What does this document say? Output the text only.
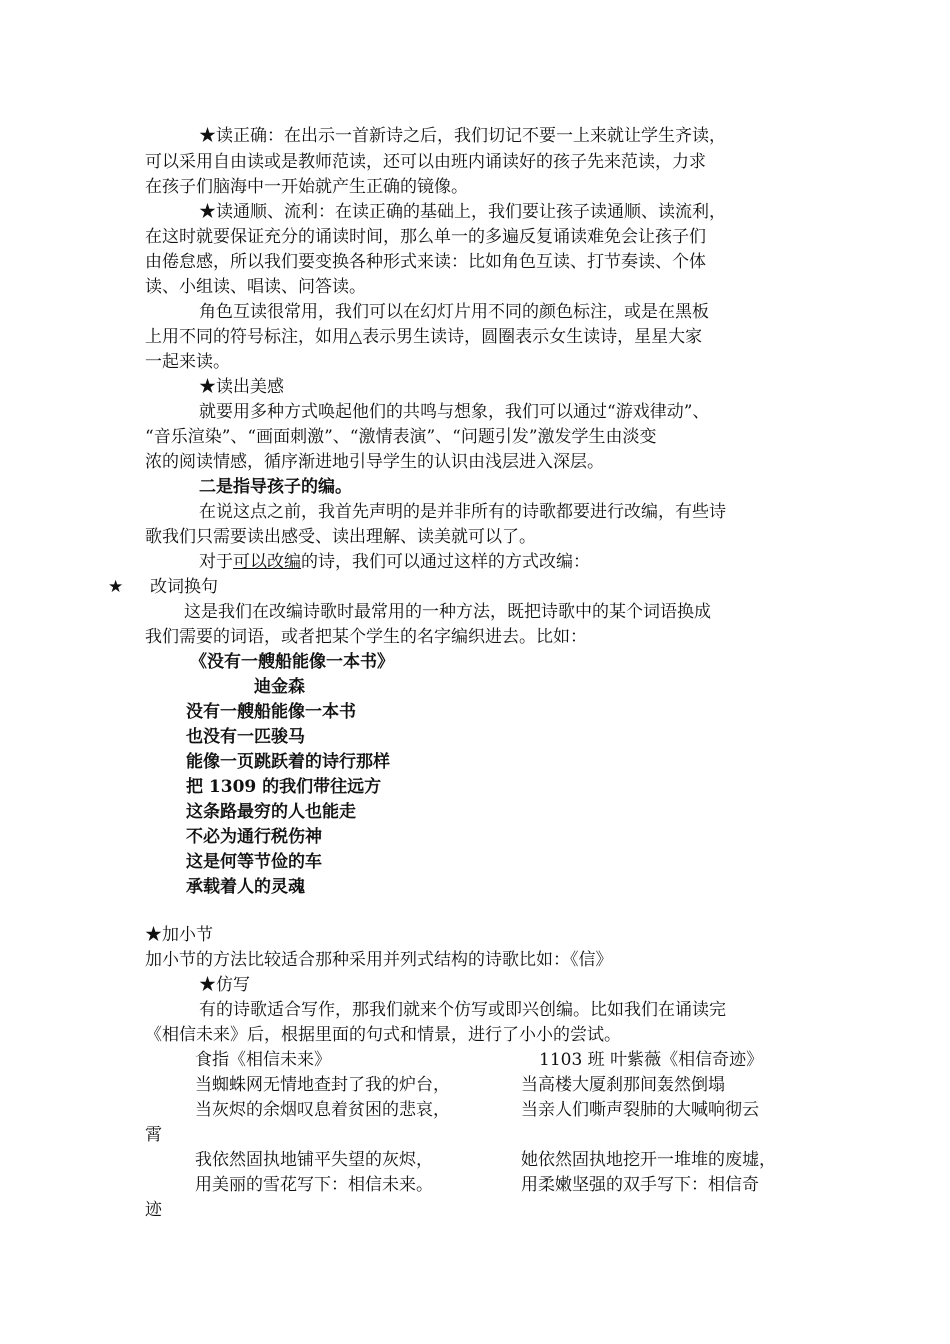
★读正确：在出示一首新诗之后，我们切记不要一上来就让学生齐读，
可以采用自由读或是教师范读，还可以由班内诵读好的孩子先来范读，力求
在孩子们脑海中一开始就产生正确的镜像。
★读通顺、流利：在读正确的基础上，我们要让孩子读通顺、读流利，
在这时就要保证充分的诵读时间，那么单一的多遍反复诵读难免会让孩子们
由倦怠感，所以我们要变换各种形式来读：比如角色互读、打节奏读、个体
读、小组读、唱读、问答读。
角色互读很常用，我们可以在幻灯片用不同的颜色标注，或是在黑板
上用不同的符号标注，如用△表示男生读诗，圆圈表示女生读诗，星星大家
一起来读。
★读出美感
就要用多种方式唤起他们的共鸣与想象，我们可以通过“游戏律动”、
“音乐渲染”、“画面刺激”、“激情表演”、“问题引发”激发学生由淡变
浓的阅读情感，循序渐进地引导学生的认识由浅层进入深层。
二是指导孩子的编。
在说这点之前，我首先声明的是并非所有的诗歌都要进行改编，有些诗
歌我们只需要读出感受、读出理解、读美就可以了。
对于可以改编的诗，我们可以通过这样的方式改编：
★ 改词换句
这是我们在改编诗歌时最常用的一种方法，既把诗歌中的某个词语换成
我们需要的词语，或者把某个学生的名字编织进去。比如：
《没有一艘船能像一本书》
迪金森
没有一艘船能像一本书
也没有一匹骏马
能像一页跳跃着的诗行那样
把 1309 的我们带往远方
这条路最穷的人也能走
不必为通行税伤神
这是何等节俭的车
承载着人的灵魂
★加小节
加小节的方法比较适合那种采用并列式结构的诗歌比如：《信》
★仿写
有的诗歌适合写作，那我们就来个仿写或即兴创编。比如我们在诵读完
《相信未来》后，根据里面的句式和情景，进行了小小的尝试。
食指《相信未来》	1103 班 叶紫薇《相信奇迹》
当蜘蛛网无情地查封了我的炉台，	当高楼大厦刹那间轰然倒塌
当灰烬的余烟叹息着贫困的悲哀，	当亲人们嘶声裂肺的大喊响彻云
霄
我依然固执地铺平失望的灰烬，	她依然固执地挖开一堆堆的废墟，
用美丽的雪花写下：相信未来。	用柔嫩坚强的双手写下：相信奇
迹
